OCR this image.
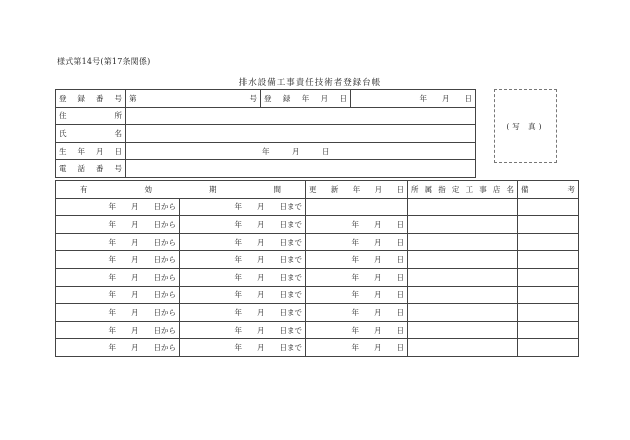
様式第14号(第17条関係)
排水設備工事責任技術者登録台帳
登録番号	第 号	登録年月日	年　　月　　日
住所			
氏名			
生年月日	年　　　月　　　日		
電話番号			
(写 真)
有効期間		更新年月日	所属指定工事店名	備考
年　　月　　日から	年　　月　　日まで			
年　　月　　日から	年　　月　　日まで	年　　月　　日		
年　　月　　日から	年　　月　　日まで	年　　月　　日		
年　　月　　日から	年　　月　　日まで	年　　月　　日		
年　　月　　日から	年　　月　　日まで	年　　月　　日		
年　　月　　日から	年　　月　　日まで	年　　月　　日		
年　　月　　日から	年　　月　　日まで	年　　月　　日		
年　　月　　日から	年　　月　　日まで	年　　月　　日		
年　　月　　日から	年　　月　　日まで	年　　月　　日		
